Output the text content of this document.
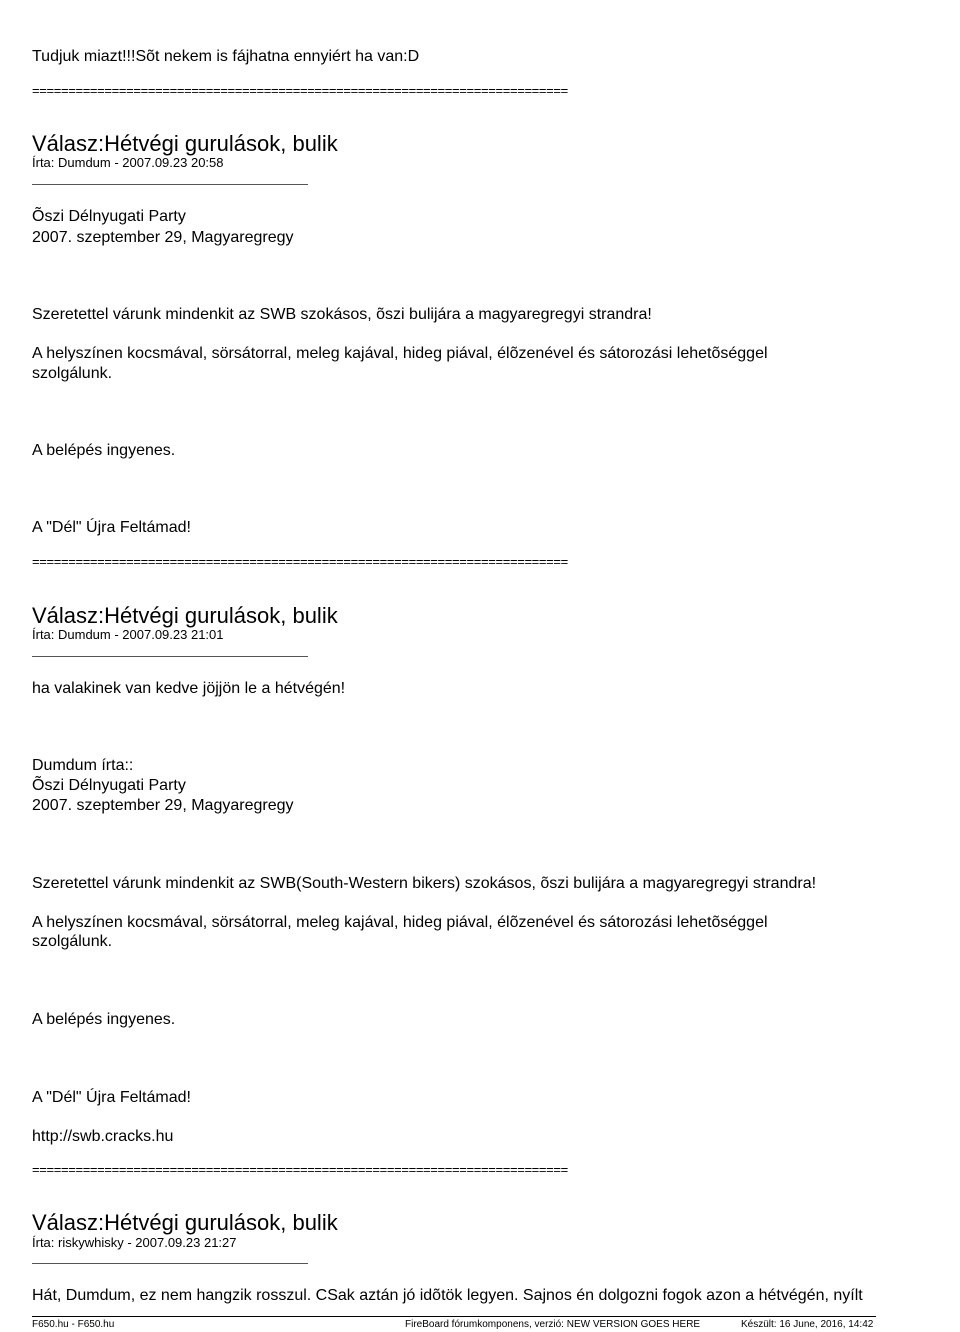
Tudjuk miazt!!!Sõt nekem is fájhatna ennyiért ha van:D
==========================================================================
Válasz:Hétvégi gurulások, bulik
Írta: Dumdum - 2007.09.23 20:58
Õszi Délnyugati Party
2007. szeptember 29, Magyaregregy
Szeretettel várunk mindenkit az SWB szokásos, õszi bulijára a magyaregregyi strandra!
A helyszínen kocsmával, sörsátorral, meleg kajával, hideg piával, élõzenével és sátorozási lehetõséggel
szolgálunk.
A belépés ingyenes.
A "Dél" Újra Feltámad!
==========================================================================
Válasz:Hétvégi gurulások, bulik
Írta: Dumdum - 2007.09.23 21:01
ha valakinek van kedve jöjjön le a hétvégén!
Dumdum írta::
Õszi Délnyugati Party
2007. szeptember 29, Magyaregregy
Szeretettel várunk mindenkit az SWB(South-Western bikers) szokásos, õszi bulijára a magyaregregyi strandra!
A helyszínen kocsmával, sörsátorral, meleg kajával, hideg piával, élõzenével és sátorozási lehetõséggel
szolgálunk.
A belépés ingyenes.
A "Dél" Újra Feltámad!
http://swb.cracks.hu
==========================================================================
Válasz:Hétvégi gurulások, bulik
Írta: riskywhisky - 2007.09.23 21:27
Hát, Dumdum, ez nem hangzik rosszul. CSak aztán jó idõtök legyen. Sajnos én dolgozni fogok azon a hétvégén, nyílt
F650.hu - F650.hu	FireBoard fórumkomponens, verzió: NEW VERSION GOES HERE	Készült: 16 June, 2016, 14:42
